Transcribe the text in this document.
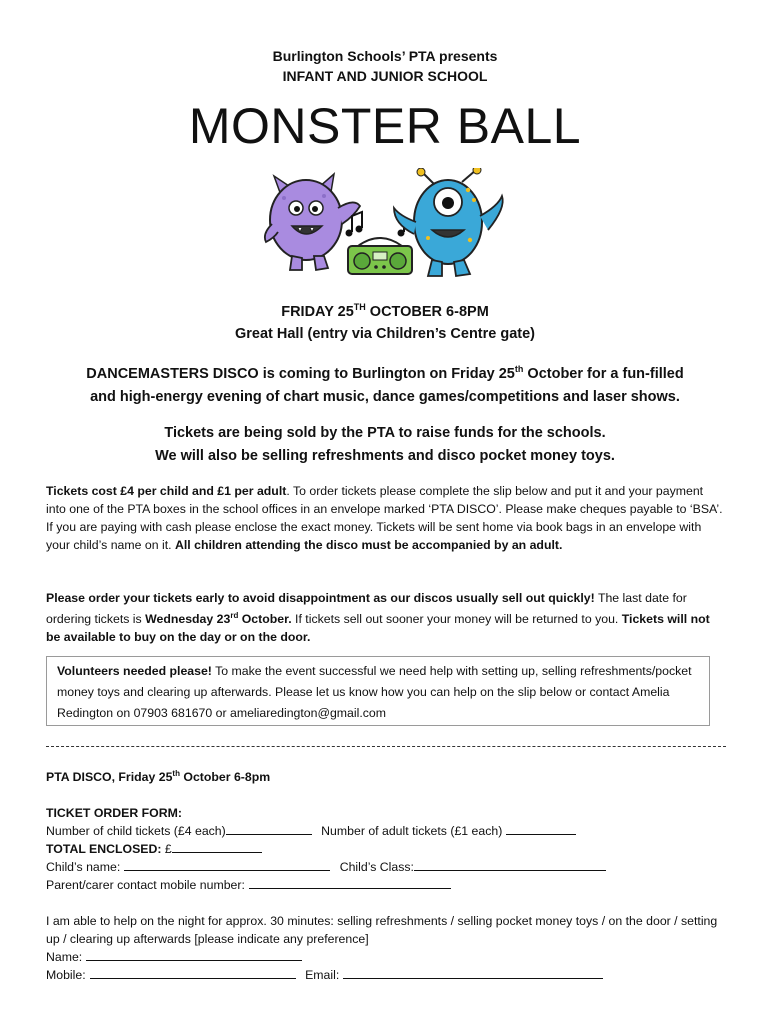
Burlington Schools’ PTA presents
INFANT AND JUNIOR SCHOOL
MONSTER BALL
FRIDAY 25TH OCTOBER 6-8PM
Great Hall (entry via Children’s Centre gate)
DANCEMASTERS DISCO is coming to Burlington on Friday 25th October for a fun-filled
and high-energy evening of chart music, dance games/competitions and laser shows.
Tickets are being sold by the PTA to raise funds for the schools.
We will also be selling refreshments and disco pocket money toys.
Tickets cost £4 per child and £1 per adult. To order tickets please complete the slip below and put it and your payment into one of the PTA boxes in the school offices in an envelope marked ‘PTA DISCO’. Please make cheques payable to ‘BSA’. If you are paying with cash please enclose the exact money. Tickets will be sent home via book bags in an envelope with your child’s name on it. All children attending the disco must be accompanied by an adult.
Please order your tickets early to avoid disappointment as our discos usually sell out quickly! The last date for ordering tickets is Wednesday 23rd October. If tickets sell out sooner your money will be returned to you. Tickets will not be available to buy on the day or on the door.
Volunteers needed please! To make the event successful we need help with setting up, selling refreshments/pocket money toys and clearing up afterwards. Please let us know how you can help on the slip below or contact Amelia Redington on 07903 681670 or ameliaredington@gmail.com
PTA DISCO, Friday 25th October 6-8pm
TICKET ORDER FORM:
Number of child tickets (£4 each)	Number of adult tickets (£1 each)
TOTAL ENCLOSED: £
Child’s name:	Child’s Class:
Parent/carer contact mobile number:
I am able to help on the night for approx. 30 minutes: selling refreshments / selling pocket money toys / on the door / setting up / clearing up afterwards [please indicate any preference]
Name:
Mobile:	Email:
